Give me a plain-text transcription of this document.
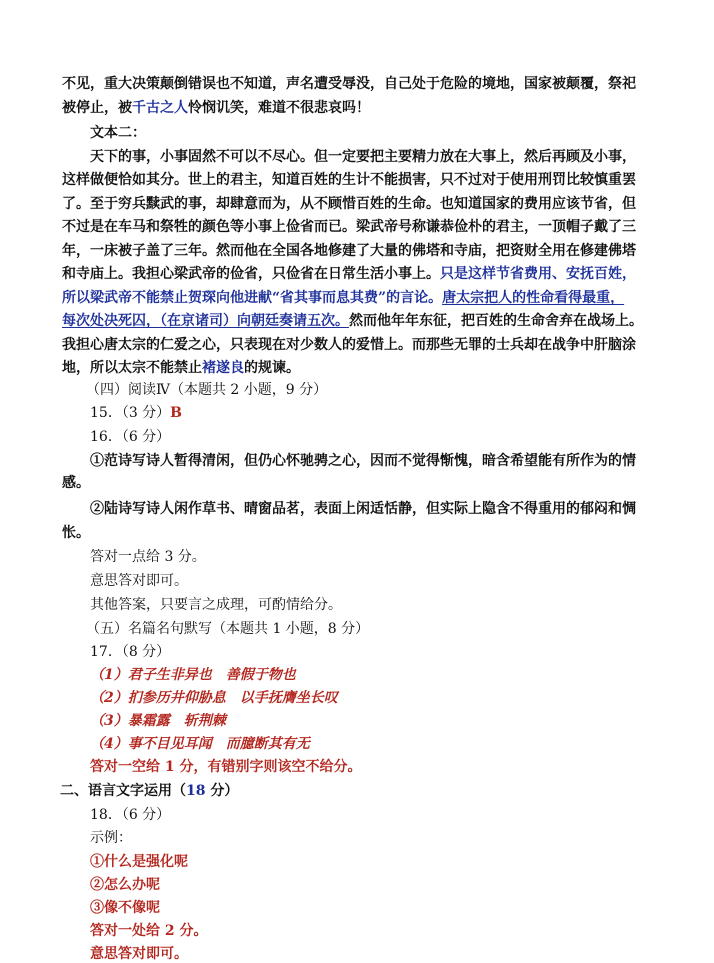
不见，重大决策颠倒错误也不知道，声名遭受辱没，自己处于危险的境地，国家被颠覆，祭祀
被停止，被千古之人怜悯讥笑，难道不很悲哀吗！
文本二：
天下的事，小事固然不可以不尽心。但一定要把主要精力放在大事上，然后再顾及小事，
这样做便恰如其分。世上的君主，知道百姓的生计不能损害，只不过对于使用刑罚比较慎重罢
了。至于穷兵黩武的事，却肆意而为，从不顾惜百姓的生命。也知道国家的费用应该节省，但
不过是在车马和祭牲的颜色等小事上俭省而已。梁武帝号称谦恭俭朴的君主，一顶帽子戴了三
年，一床被子盖了三年。然而他在全国各地修建了大量的佛塔和寺庙，把资财全用在修建佛塔
和寺庙上。我担心梁武帝的俭省，只俭省在日常生活小事上。只是这样节省费用、安抚百姓，
所以梁武帝不能禁止贺琛向他进献“省其事而息其费”的言论。唐太宗把人的性命看得最重，
每次处决死囚，（在京诸司）向朝廷奏请五次。然而他年年东征，把百姓的生命舍弃在战场上。
我担心唐太宗的仁爱之心，只表现在对少数人的爱惜上。而那些无罪的士兵却在战争中肝脑涂
地，所以太宗不能禁止褚遂良的规谏。
（四）阅读Ⅳ（本题共 2 小题，9 分）
15．（3 分）B
16．（6 分）
①范诗写诗人暂得清闲，但仍心怀驰骋之心，因而不觉得惭愧，暗含希望能有所作为的情
感。
②陆诗写诗人闲作草书、晴窗品茗，表面上闲适恬静，但实际上隐含不得重用的郁闷和惆
怅。
答对一点给 3 分。
意思答对即可。
其他答案，只要言之成理，可酌情给分。
（五）名篇名句默写（本题共 1 小题，8 分）
17．（8 分）
（1）君子生非异也　善假于物也
（2）扪参历井仰胁息　以手抚膺坐长叹
（3）暴霜露　斩荆棘
（4）事不目见耳闻　而臆断其有无
答对一空给 1 分，有错别字则该空不给分。
二、语言文字运用（18 分）
18．（6 分）
示例：
①什么是强化呢
②怎么办呢
③像不像呢
答对一处给 2 分。
意思答对即可。
